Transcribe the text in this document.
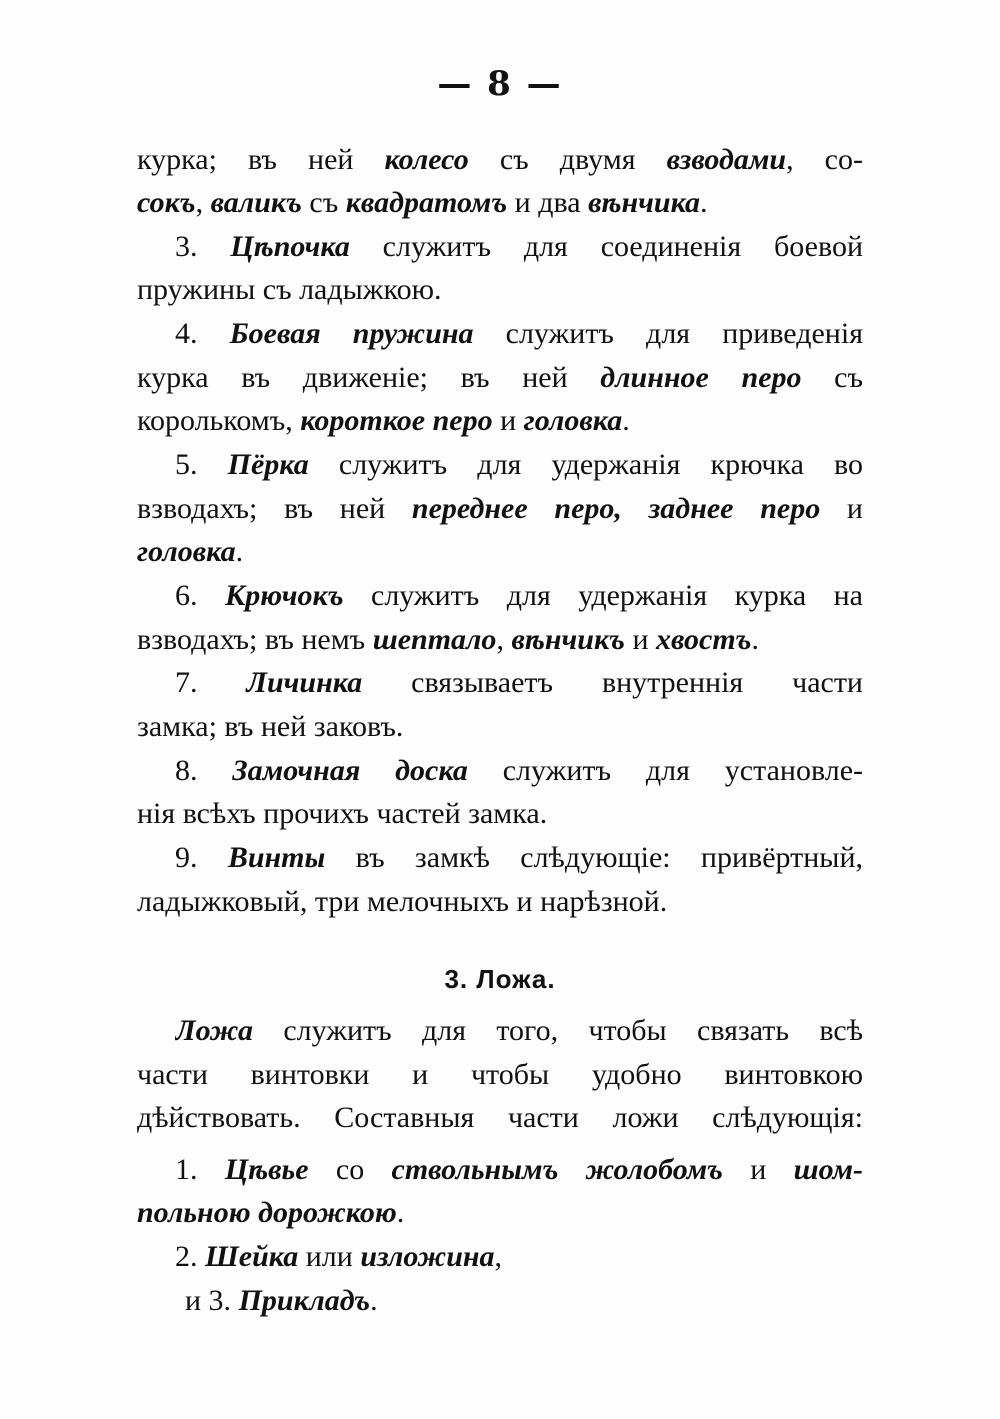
— 8 —
курка; въ ней колесо съ двумя взводами, со-
сокъ, валикъ съ квадратомъ и два вѣнчика.
3. Цѣпочка служитъ для соединенія боевой
пружины съ ладыжкою.
4. Боевая пружина служитъ для приведенія
курка въ движеніе; въ ней длинное перо съ
королькомъ, короткое перо и головка.
5. Пёрка служитъ для удержанія крючка во
взводахъ; въ ней переднее перо, заднее перо и
головка.
6. Крючокъ служитъ для удержанія курка на
взводахъ; въ немъ шептало, вѣнчикъ и хвостъ.
7. Личинка связываетъ внутреннія части
замка; въ ней заковъ.
8. Замочная доска служитъ для установле-
нія всѣхъ прочихъ частей замка.
9. Винты въ замкѣ слѣдующіе: привёртный,
ладыжковый, три мелочныхъ и нарѣзной.
3. Ложа.
Ложа служитъ для того, чтобы связать всѣ
части винтовки и чтобы удобно винтовкою
дѣйствовать. Составныя части ложи слѣдующія:
1. Цѣвье со ствольнымъ жолобомъ и шом-
польною дорожкою.
2. Шейка или изложина,
и 3. Прикладъ.
